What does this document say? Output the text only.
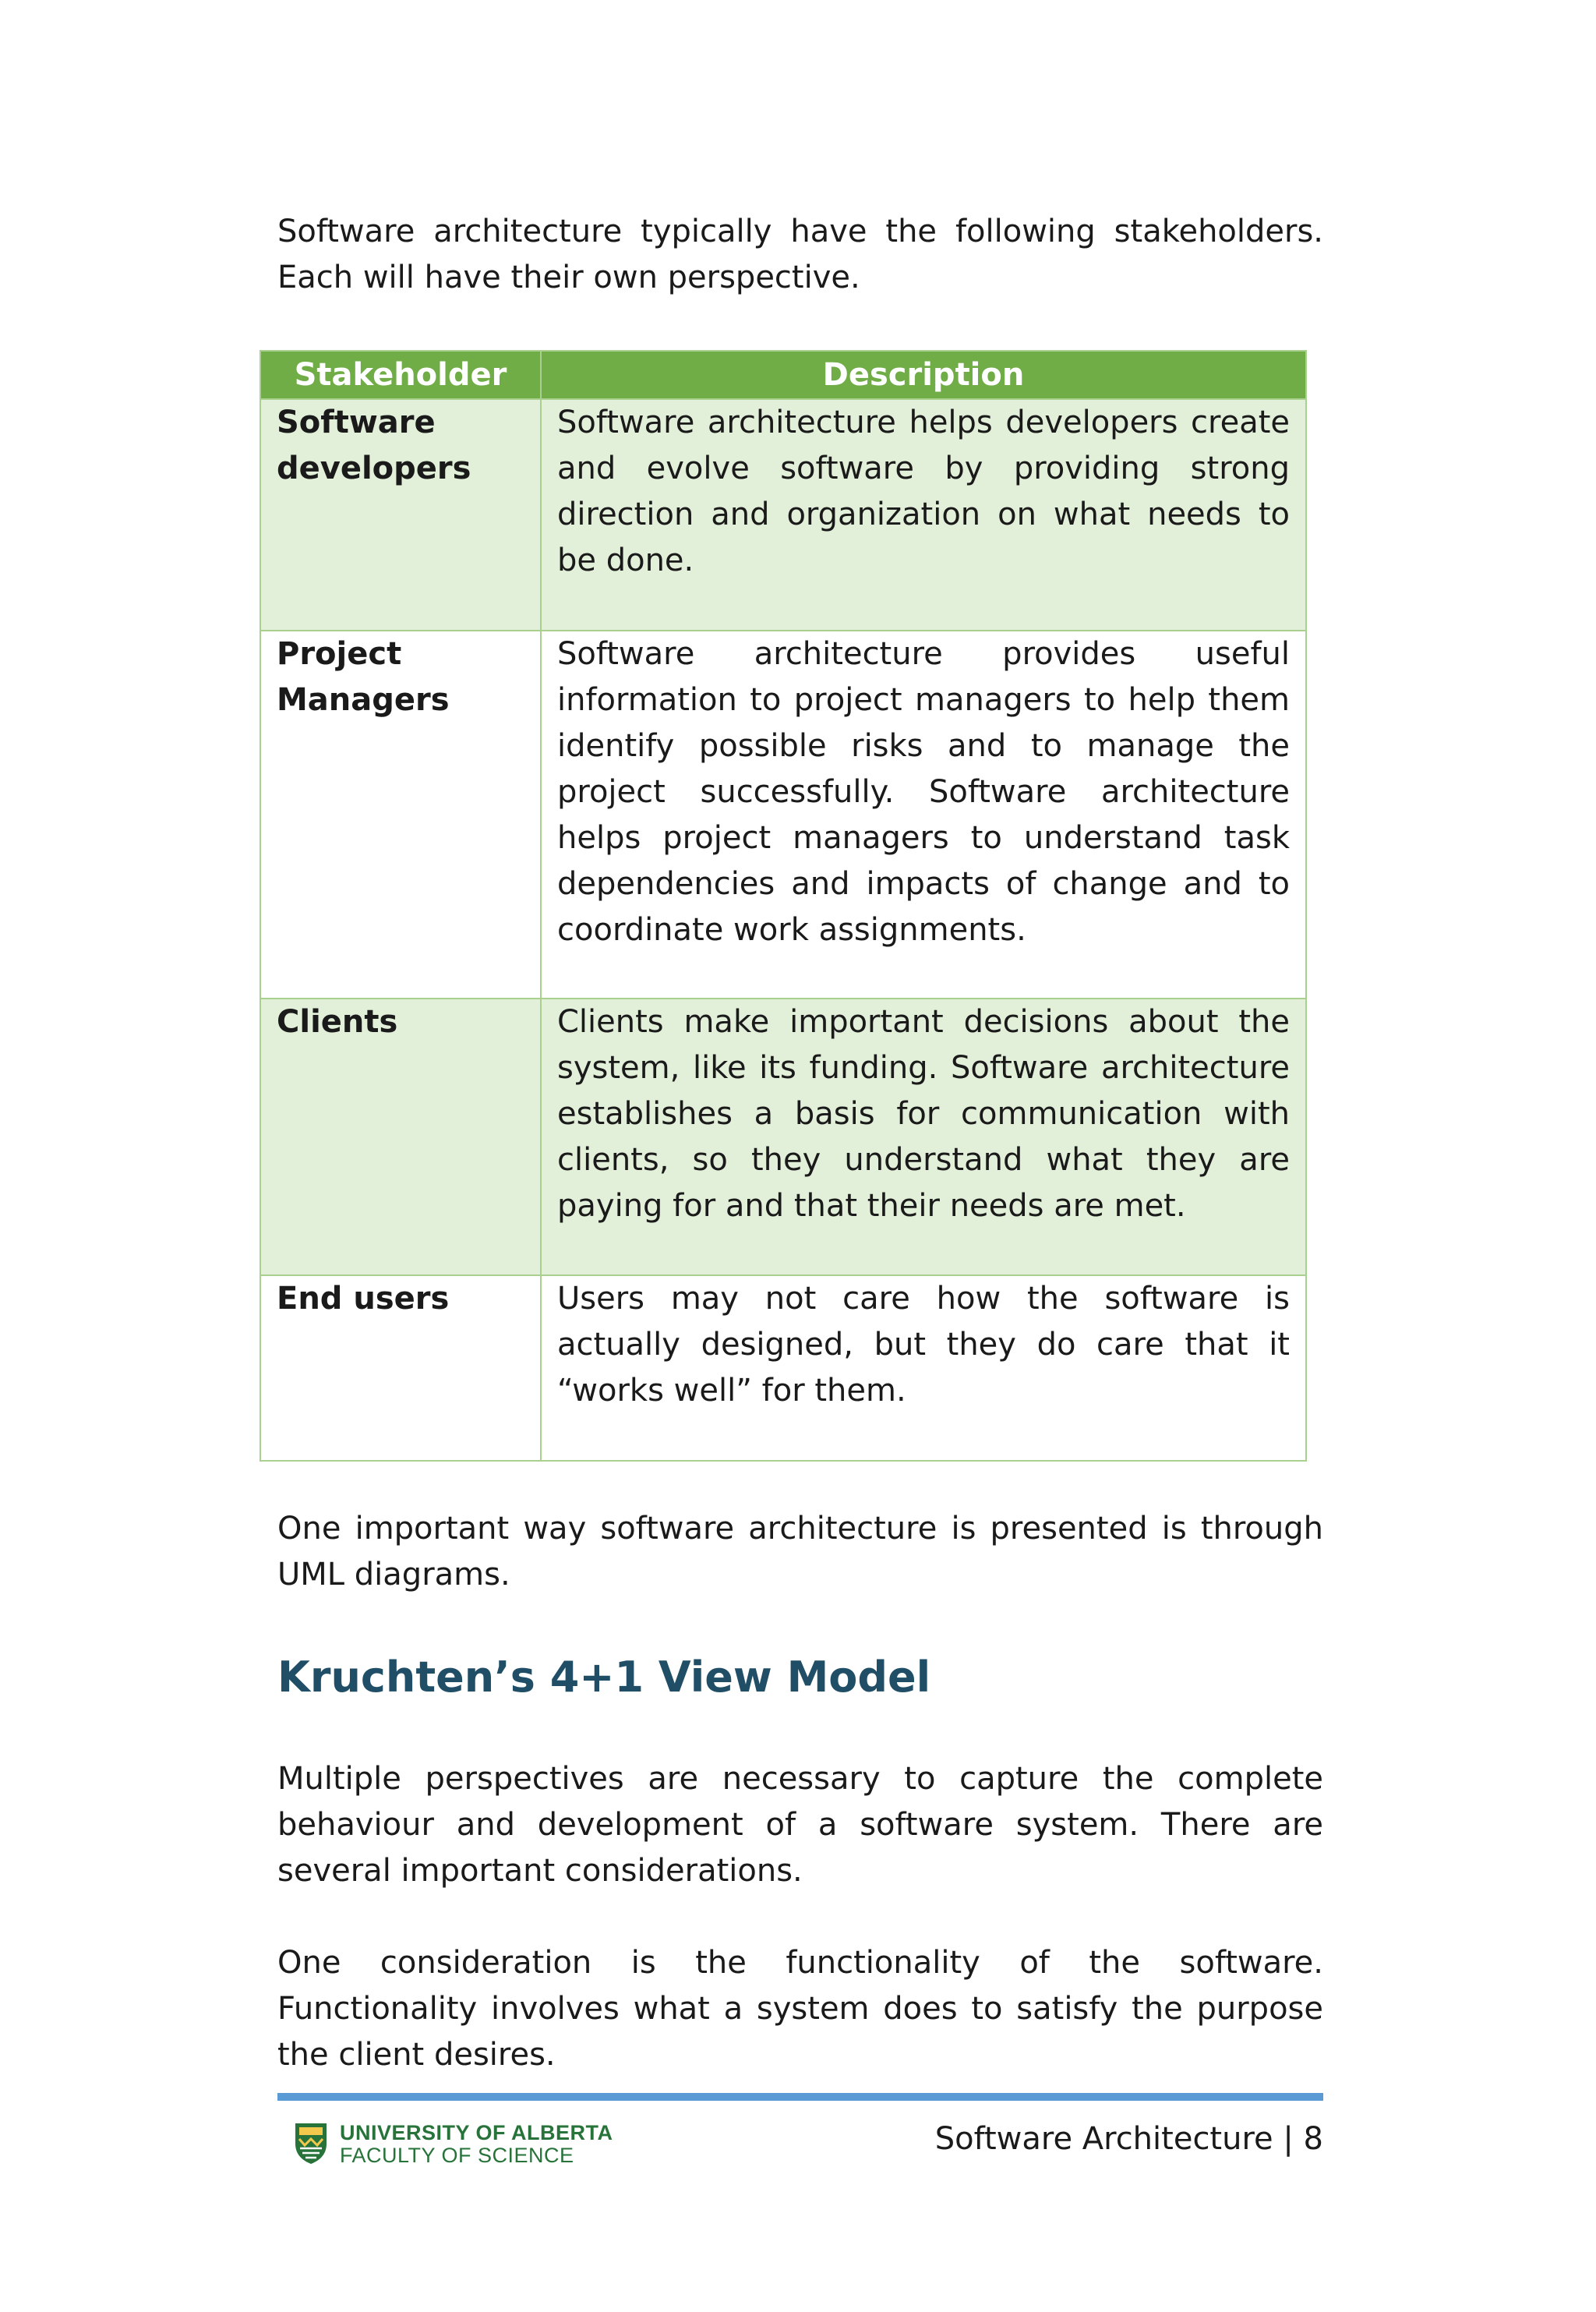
Software architecture typically have the following stakeholders. Each will have their own perspective.

Stakeholder	Description
Software developers	Software architecture helps developers create and evolve software by providing strong direction and organization on what needs to be done.
Project Managers	Software architecture provides useful information to project managers to help them identify possible risks and to manage the project successfully. Software architecture helps project managers to understand task dependencies and impacts of change and to coordinate work assignments.
Clients	Clients make important decisions about the system, like its funding. Software architecture establishes a basis for communication with clients, so they understand what they are paying for and that their needs are met.
End users	Users may not care how the software is actually designed, but they do care that it “works well” for them.

One important way software architecture is presented is through UML diagrams.

Kruchten’s 4+1 View Model

Multiple perspectives are necessary to capture the complete behaviour and development of a software system. There are several important considerations.

One consideration is the functionality of the software. Functionality involves what a system does to satisfy the purpose the client desires.

UNIVERSITY OF ALBERTA
FACULTY OF SCIENCE	Software Architecture | 8
